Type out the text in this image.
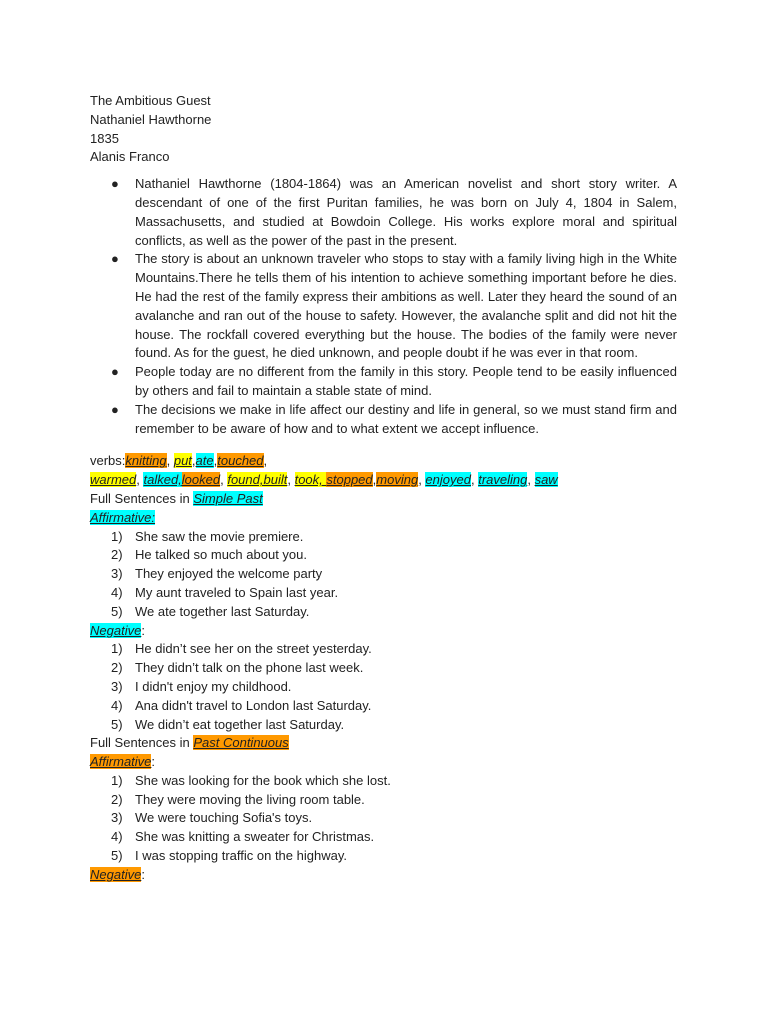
The Ambitious Guest
Nathaniel Hawthorne
1835
Alanis Franco
● Nathaniel Hawthorne (1804-1864) was an American novelist and short story writer. A descendant of one of the first Puritan families, he was born on July 4, 1804 in Salem, Massachusetts, and studied at Bowdoin College. His works explore moral and spiritual conflicts, as well as the power of the past in the present.
● The story is about an unknown traveler who stops to stay with a family living high in the White Mountains.There he tells them of his intention to achieve something important before he dies. He had the rest of the family express their ambitions as well. Later they heard the sound of an avalanche and ran out of the house to safety. However, the avalanche split and did not hit the house. The rockfall covered everything but the house. The bodies of the family were never found. As for the guest, he died unknown, and people doubt if he was ever in that room.
● People today are no different from the family in this story. People tend to be easily influenced by others and fail to maintain a stable state of mind.
● The decisions we make in life affect our destiny and life in general, so we must stand firm and remember to be aware of how and to what extent we accept influence.
verbs:knitting, put,ate,touched,
warmed, talked,looked, found,built, took, stopped,moving, enjoyed, traveling, saw
Full Sentences in Simple Past
Affirmative:
1) She saw the movie premiere.
2) He talked so much about you.
3) They enjoyed the welcome party
4) My aunt traveled to Spain last year.
5) We ate together last Saturday.
Negative:
1) He didn’t see her on the street yesterday.
2) They didn’t talk on the phone last week.
3) I didn't enjoy my childhood.
4) Ana didn't travel to London last Saturday.
5) We didn’t eat together last Saturday.
Full Sentences in Past Continuous
Affirmative:
1) She was looking for the book which she lost.
2) They were moving the living room table.
3) We were touching Sofia's toys.
4) She was knitting a sweater for Christmas.
5) I was stopping traffic on the highway.
Negative:
